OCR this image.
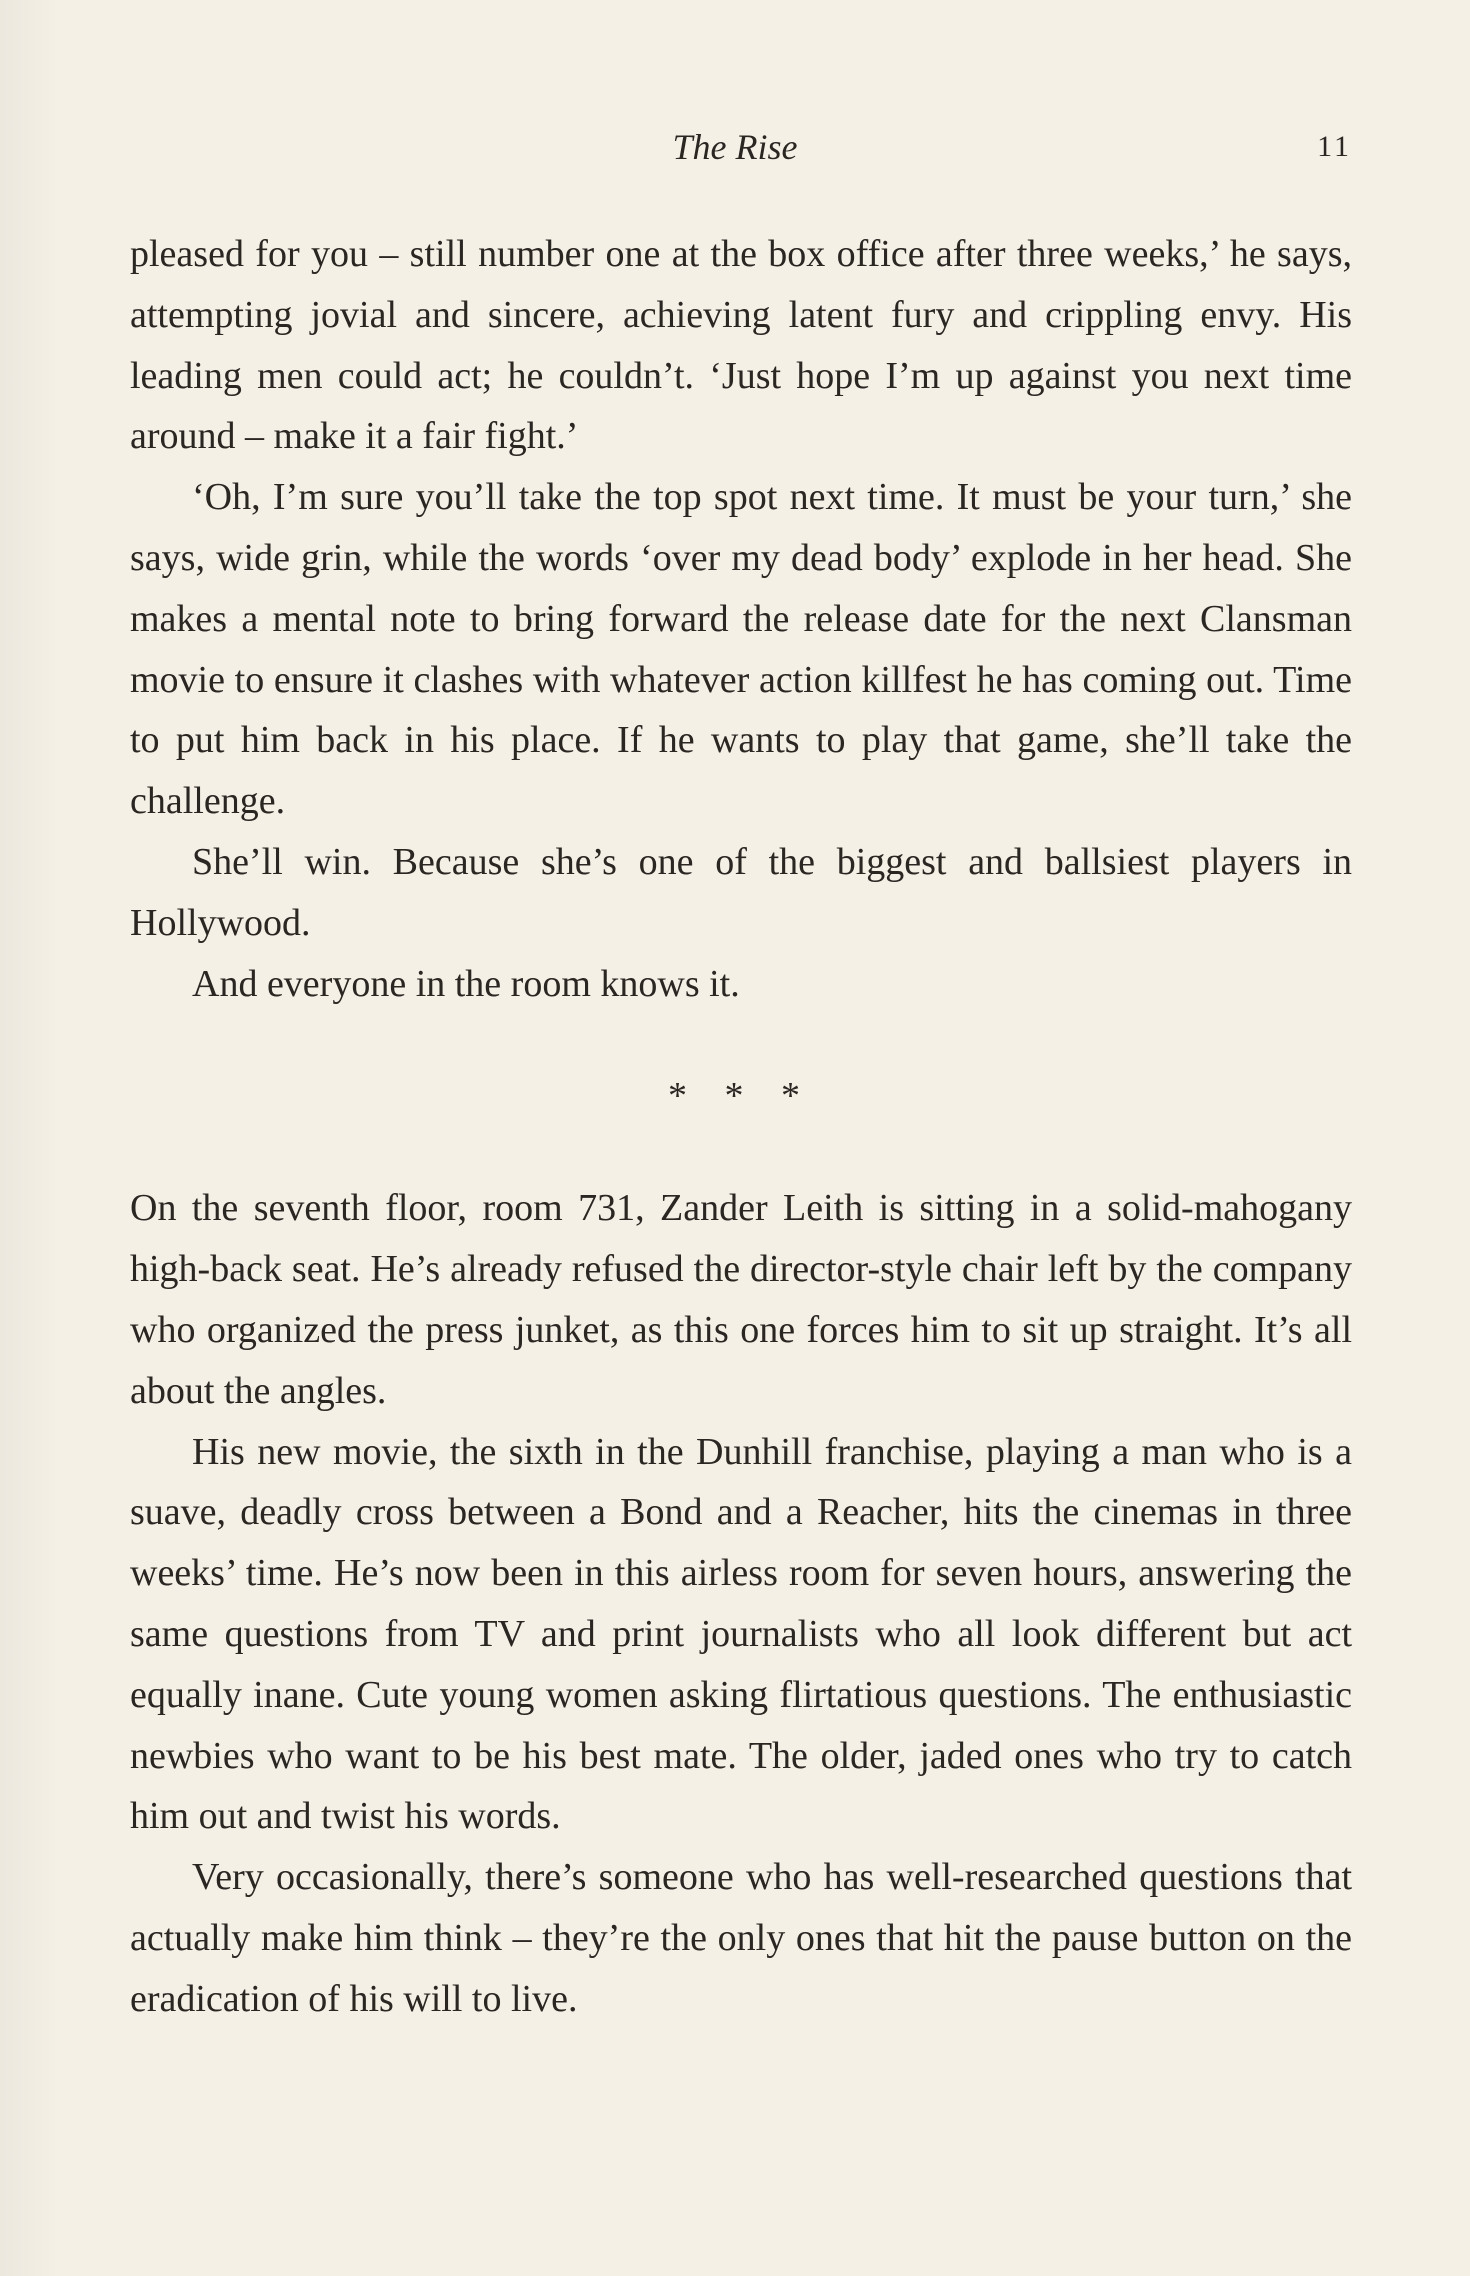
The Rise	11

pleased for you – still number one at the box office after three weeks,’ he says, attempting jovial and sincere, achieving latent fury and crippling envy. His leading men could act; he couldn’t. ‘Just hope I’m up against you next time around – make it a fair fight.’

‘Oh, I’m sure you’ll take the top spot next time. It must be your turn,’ she says, wide grin, while the words ‘over my dead body’ explode in her head. She makes a mental note to bring forward the release date for the next Clansman movie to ensure it clashes with whatever action killfest he has coming out. Time to put him back in his place. If he wants to play that game, she’ll take the challenge.

She’ll win. Because she’s one of the biggest and ballsiest players in Hollywood.

And everyone in the room knows it.

* * *

On the seventh floor, room 731, Zander Leith is sitting in a solid-mahogany high-back seat. He’s already refused the director-style chair left by the company who organized the press junket, as this one forces him to sit up straight. It’s all about the angles.

His new movie, the sixth in the Dunhill franchise, playing a man who is a suave, deadly cross between a Bond and a Reacher, hits the cinemas in three weeks’ time. He’s now been in this airless room for seven hours, answering the same questions from TV and print journalists who all look different but act equally inane. Cute young women asking flirtatious questions. The enthusiastic newbies who want to be his best mate. The older, jaded ones who try to catch him out and twist his words.

Very occasionally, there’s someone who has well-researched questions that actually make him think – they’re the only ones that hit the pause button on the eradication of his will to live.
